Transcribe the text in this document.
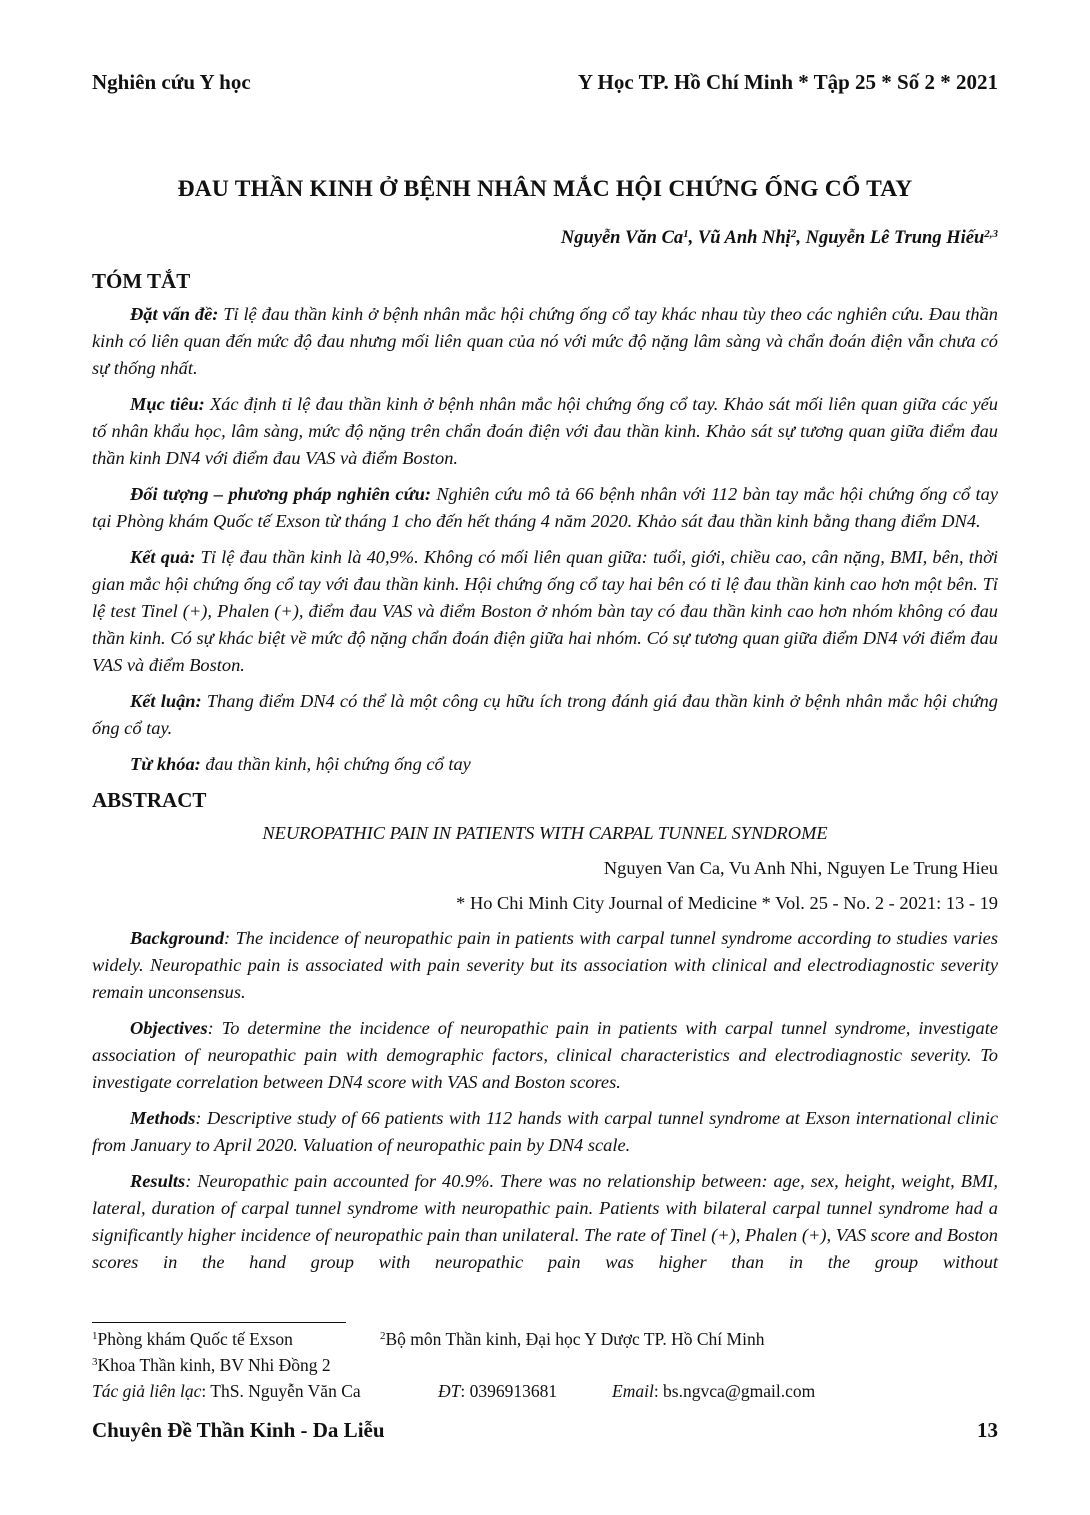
Nghiên cứu Y học	Y Học TP. Hồ Chí Minh * Tập 25 * Số 2 * 2021
ĐAU THẦN KINH Ở BỆNH NHÂN MẮC HỘI CHỨNG ỐNG CỔ TAY
Nguyễn Văn Ca$^1$, Vũ Anh Nhị$^2$, Nguyễn Lê Trung Hiếu$^{2,3}$
TÓM TẮT

Đặt vấn đề: Tỉ lệ đau thần kinh ở bệnh nhân mắc hội chứng ống cổ tay khác nhau tùy theo các nghiên cứu. Đau thần kinh có liên quan đến mức độ đau nhưng mối liên quan của nó với mức độ nặng lâm sàng và chẩn đoán điện vẫn chưa có sự thống nhất.

Mục tiêu: Xác định tỉ lệ đau thần kinh ở bệnh nhân mắc hội chứng ống cổ tay. Khảo sát mối liên quan giữa các yếu tố nhân khẩu học, lâm sàng, mức độ nặng trên chẩn đoán điện với đau thần kinh. Khảo sát sự tương quan giữa điểm đau thần kinh DN4 với điểm đau VAS và điểm Boston.

Đối tượng – phương pháp nghiên cứu: Nghiên cứu mô tả 66 bệnh nhân với 112 bàn tay mắc hội chứng ống cổ tay tại Phòng khám Quốc tế Exson từ tháng 1 cho đến hết tháng 4 năm 2020. Khảo sát đau thần kinh bằng thang điểm DN4.

Kết quả: Tỉ lệ đau thần kinh là 40,9%. Không có mối liên quan giữa: tuổi, giới, chiều cao, cân nặng, BMI, bên, thời gian mắc hội chứng ống cổ tay với đau thần kinh. Hội chứng ống cổ tay hai bên có tỉ lệ đau thần kinh cao hơn một bên. Tỉ lệ test Tinel (+), Phalen (+), điểm đau VAS và điểm Boston ở nhóm bàn tay có đau thần kinh cao hơn nhóm không có đau thần kinh. Có sự khác biệt về mức độ nặng chẩn đoán điện giữa hai nhóm. Có sự tương quan giữa điểm DN4 với điểm đau VAS và điểm Boston.

Kết luận: Thang điểm DN4 có thể là một công cụ hữu ích trong đánh giá đau thần kinh ở bệnh nhân mắc hội chứng ống cổ tay.

Từ khóa: đau thần kinh, hội chứng ống cổ tay

ABSTRACT
NEUROPATHIC PAIN IN PATIENTS WITH CARPAL TUNNEL SYNDROME
Nguyen Van Ca, Vu Anh Nhi, Nguyen Le Trung Hieu
* Ho Chi Minh City Journal of Medicine * Vol. 25 - No. 2 - 2021: 13 - 19

Background: The incidence of neuropathic pain in patients with carpal tunnel syndrome according to studies varies widely. Neuropathic pain is associated with pain severity but its association with clinical and electrodiagnostic severity remain unconsensus.

Objectives: To determine the incidence of neuropathic pain in patients with carpal tunnel syndrome, investigate association of neuropathic pain with demographic factors, clinical characteristics and electrodiagnostic severity. To investigate correlation between DN4 score with VAS and Boston scores.

Methods: Descriptive study of 66 patients with 112 hands with carpal tunnel syndrome at Exson international clinic from January to April 2020. Valuation of neuropathic pain by DN4 scale.

Results: Neuropathic pain accounted for 40.9%. There was no relationship between: age, sex, height, weight, BMI, lateral, duration of carpal tunnel syndrome with neuropathic pain. Patients with bilateral carpal tunnel syndrome had a significantly higher incidence of neuropathic pain than unilateral. The rate of Tinel (+), Phalen (+), VAS score and Boston scores in the hand group with neuropathic pain was higher than in the group without

$^1$Phòng khám Quốc tế Exson	$^2$Bộ môn Thần kinh, Đại học Y Dược TP. Hồ Chí Minh
$^3$Khoa Thần kinh, BV Nhi Đồng 2
Tác giả liên lạc: ThS. Nguyễn Văn Ca	ĐT: 0396913681	Email: bs.ngvca@gmail.com
Chuyên Đề Thần Kinh - Da Liễu	13
